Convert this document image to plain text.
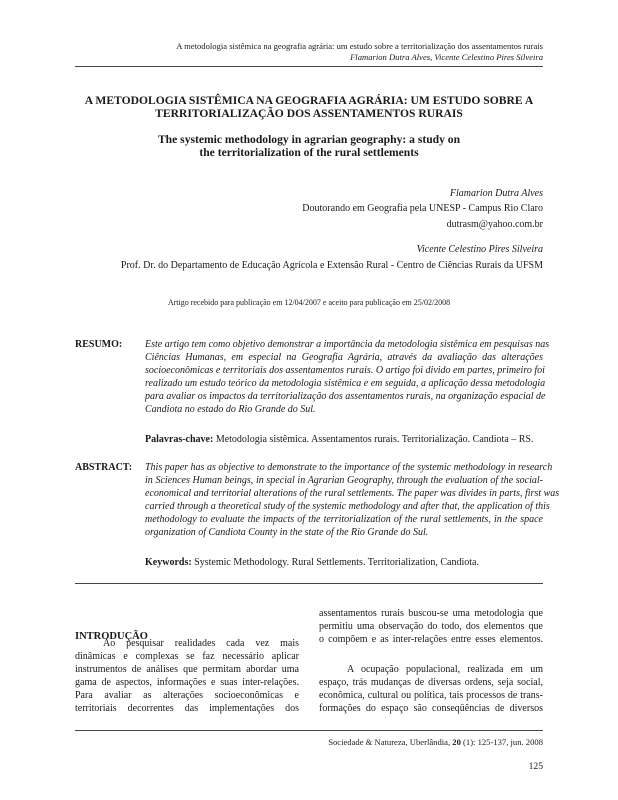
A metodologia sistêmica na geografia agrária: um estudo sobre a territorialização dos assentamentos rurais
Flamarion Dutra Alves, Vicente Celestino Pires Silveira
A METODOLOGIA SISTÊMICA NA GEOGRAFIA AGRÁRIA: UM ESTUDO SOBRE A
TERRITORIALIZAÇÃO DOS ASSENTAMENTOS RURAIS
The systemic methodology in agrarian geography: a study on
the territorialization of the rural settlements
Flamarion Dutra Alves
Doutorando em Geografia pela UNESP - Campus Rio Claro
dutrasm@yahoo.com.br
Vicente Celestino Pires Silveira
Prof. Dr. do Departamento de Educação Agrícola e Extensão Rural - Centro de Ciências Rurais da UFSM
Artigo recebido para publicação em 12/04/2007 e aceito para publicação em 25/02/2008
RESUMO: Este artigo tem como objetivo demonstrar a importância da metodologia sistêmica em pesquisas nas
Ciências Humanas, em especial na Geografia Agrária, através da avaliação das alterações
socioeconômicas e territoriais dos assentamentos rurais. O artigo foi divido em partes, primeiro foi
realizado um estudo teórico da metodologia sistêmica e em seguida, a aplicação dessa metodologia
para avaliar os impactos da territorialização dos assentamentos rurais, na organização espacial de
Candiota no estado do Rio Grande do Sul.
Palavras-chave: Metodologia sistêmica. Assentamentos rurais. Territorialização. Candiota – RS.
ABSTRACT: This paper has as objective to demonstrate to the importance of the systemic methodology in research
in Sciences Human beings, in special in Agrarian Geography, through the evaluation of the social-
economical and territorial alterations of the rural settlements. The paper was divides in parts, first was
carried through a theoretical study of the systemic methodology and after that, the application of this
methodology to evaluate the impacts of the territorialization of the rural settlements, in the space
organization of Candiota County in the state of the Rio Grande do Sul.
Keywords: Systemic Methodology. Rural Settlements. Territorialization, Candiota.
INTRODUÇÃO
Ao pesquisar realidades cada vez mais
dinâmicas e complexas se faz necessário aplicar
instrumentos de análises que permitam abordar uma
gama de aspectos, informações e suas inter-relações.
Para avaliar as alterações socioeconômicas e
territoriais decorrentes das implementações dos
assentamentos rurais buscou-se uma metodologia que
permitiu uma observação do todo, dos elementos que
o compõem e as inter-relações entre esses elementos.
A ocupação populacional, realizada em um
espaço, trás mudanças de diversas ordens, seja social,
econômica, cultural ou política, tais processos de trans-
formações do espaço são conseqüências de diversos
Sociedade & Natureza, Uberlândia, 20 (1): 125-137, jun. 2008
125
